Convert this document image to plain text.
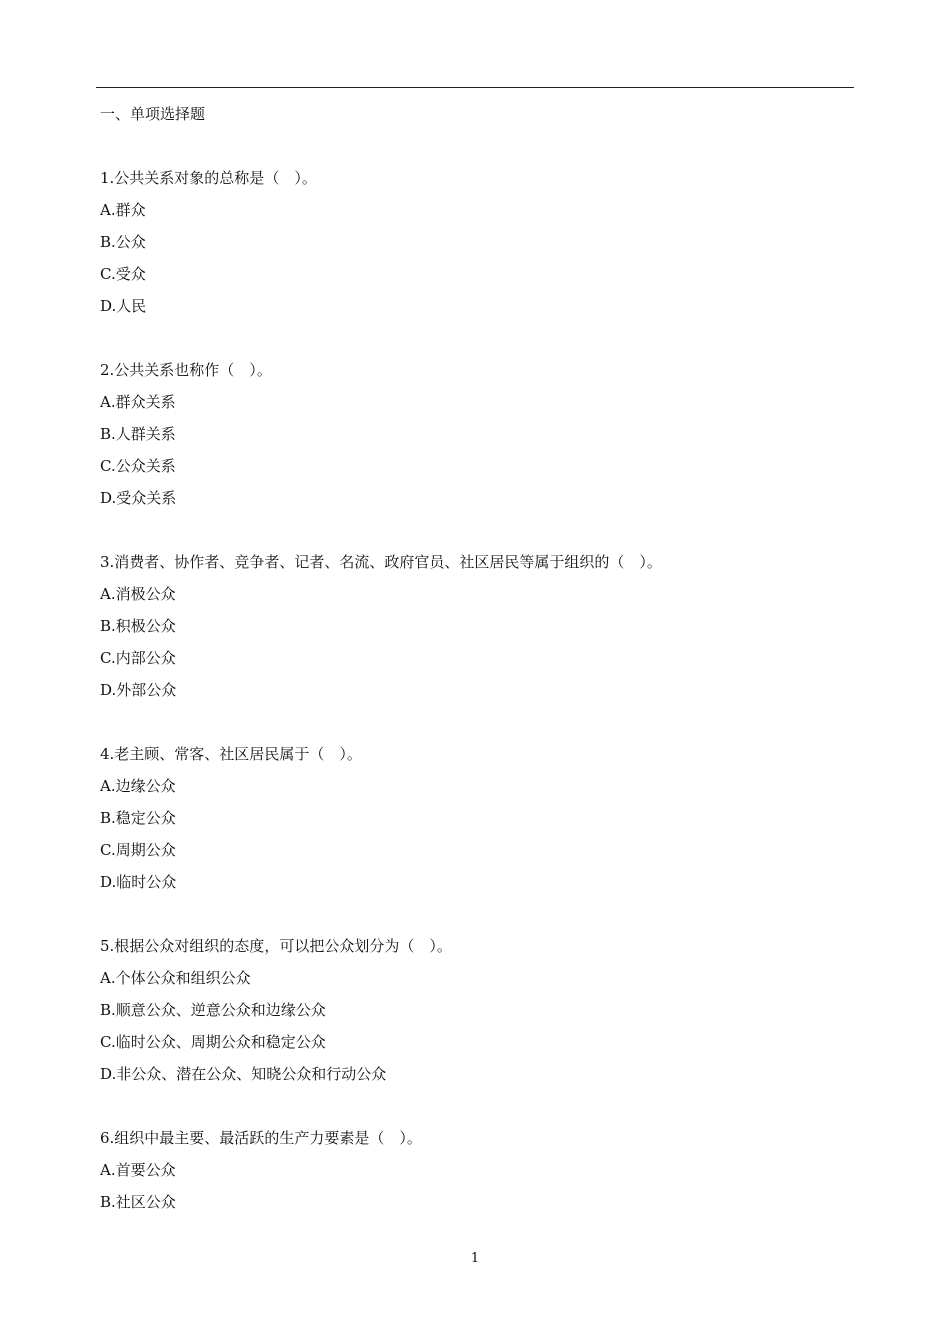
一、单项选择题
1.公共关系对象的总称是（　）。
A.群众
B.公众
C.受众
D.人民
2.公共关系也称作（　）。
A.群众关系
B.人群关系
C.公众关系
D.受众关系
3.消费者、协作者、竞争者、记者、名流、政府官员、社区居民等属于组织的（　）。
A.消极公众
B.积极公众
C.内部公众
D.外部公众
4.老主顾、常客、社区居民属于（　）。
A.边缘公众
B.稳定公众
C.周期公众
D.临时公众
5.根据公众对组织的态度，可以把公众划分为（　）。
A.个体公众和组织公众
B.顺意公众、逆意公众和边缘公众
C.临时公众、周期公众和稳定公众
D.非公众、潜在公众、知晓公众和行动公众
6.组织中最主要、最活跃的生产力要素是（　）。
A.首要公众
B.社区公众
1
